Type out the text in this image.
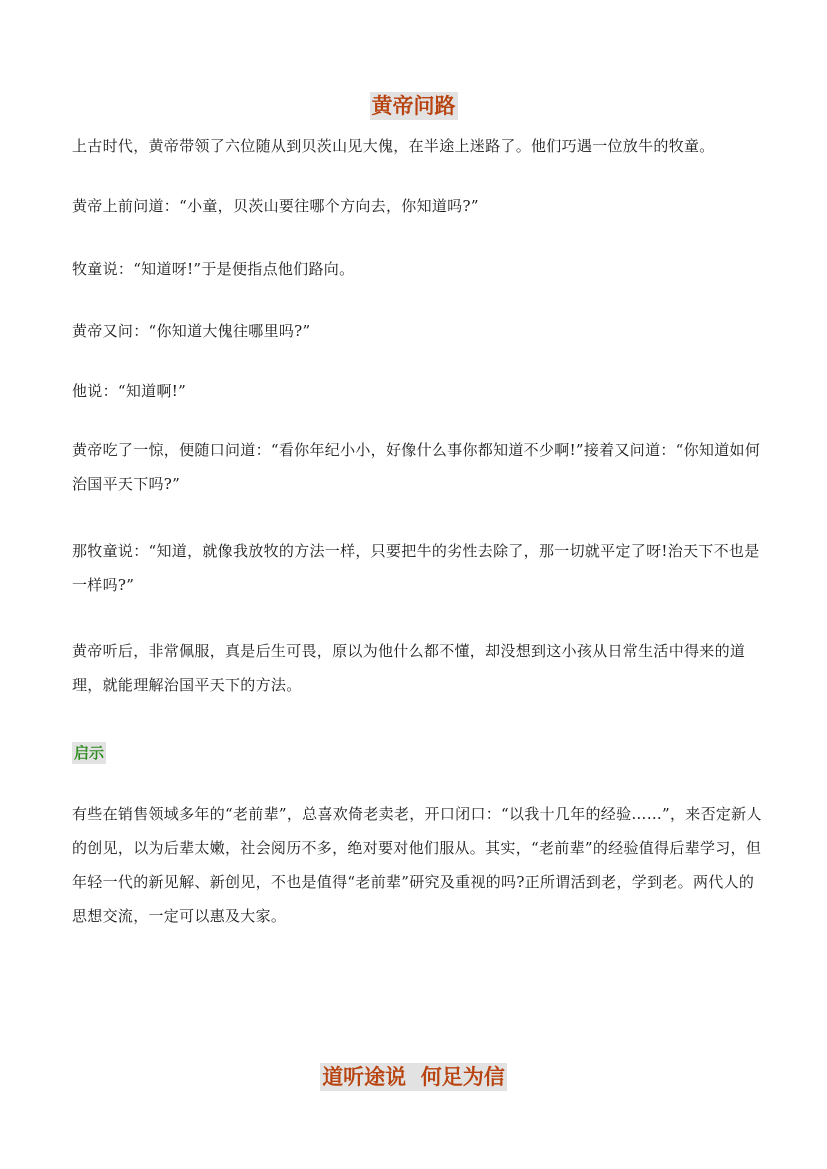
黄帝问路

上古时代，黄帝带领了六位随从到贝茨山见大傀，在半途上迷路了。他们巧遇一位放牛的牧童。

黄帝上前问道：“小童，贝茨山要往哪个方向去，你知道吗?”

牧童说：“知道呀!”于是便指点他们路向。

黄帝又问：“你知道大傀往哪里吗?”

他说：“知道啊!”

黄帝吃了一惊，便随口问道：“看你年纪小小，好像什么事你都知道不少啊!”接着又问道：“你知道如何治国平天下吗?”

那牧童说：“知道，就像我放牧的方法一样，只要把牛的劣性去除了，那一切就平定了呀!治天下不也是一样吗?”

黄帝听后，非常佩服，真是后生可畏，原以为他什么都不懂，却没想到这小孩从日常生活中得来的道理，就能理解治国平天下的方法。

启示

有些在销售领域多年的“老前辈”，总喜欢倚老卖老，开口闭口：“以我十几年的经验……”，来否定新人的创见，以为后辈太嫩，社会阅历不多，绝对要对他们服从。其实，“老前辈”的经验值得后辈学习，但年轻一代的新见解、新创见，不也是值得“老前辈”研究及重视的吗?正所谓活到老，学到老。两代人的思想交流，一定可以惠及大家。

道听途说  何足为信
